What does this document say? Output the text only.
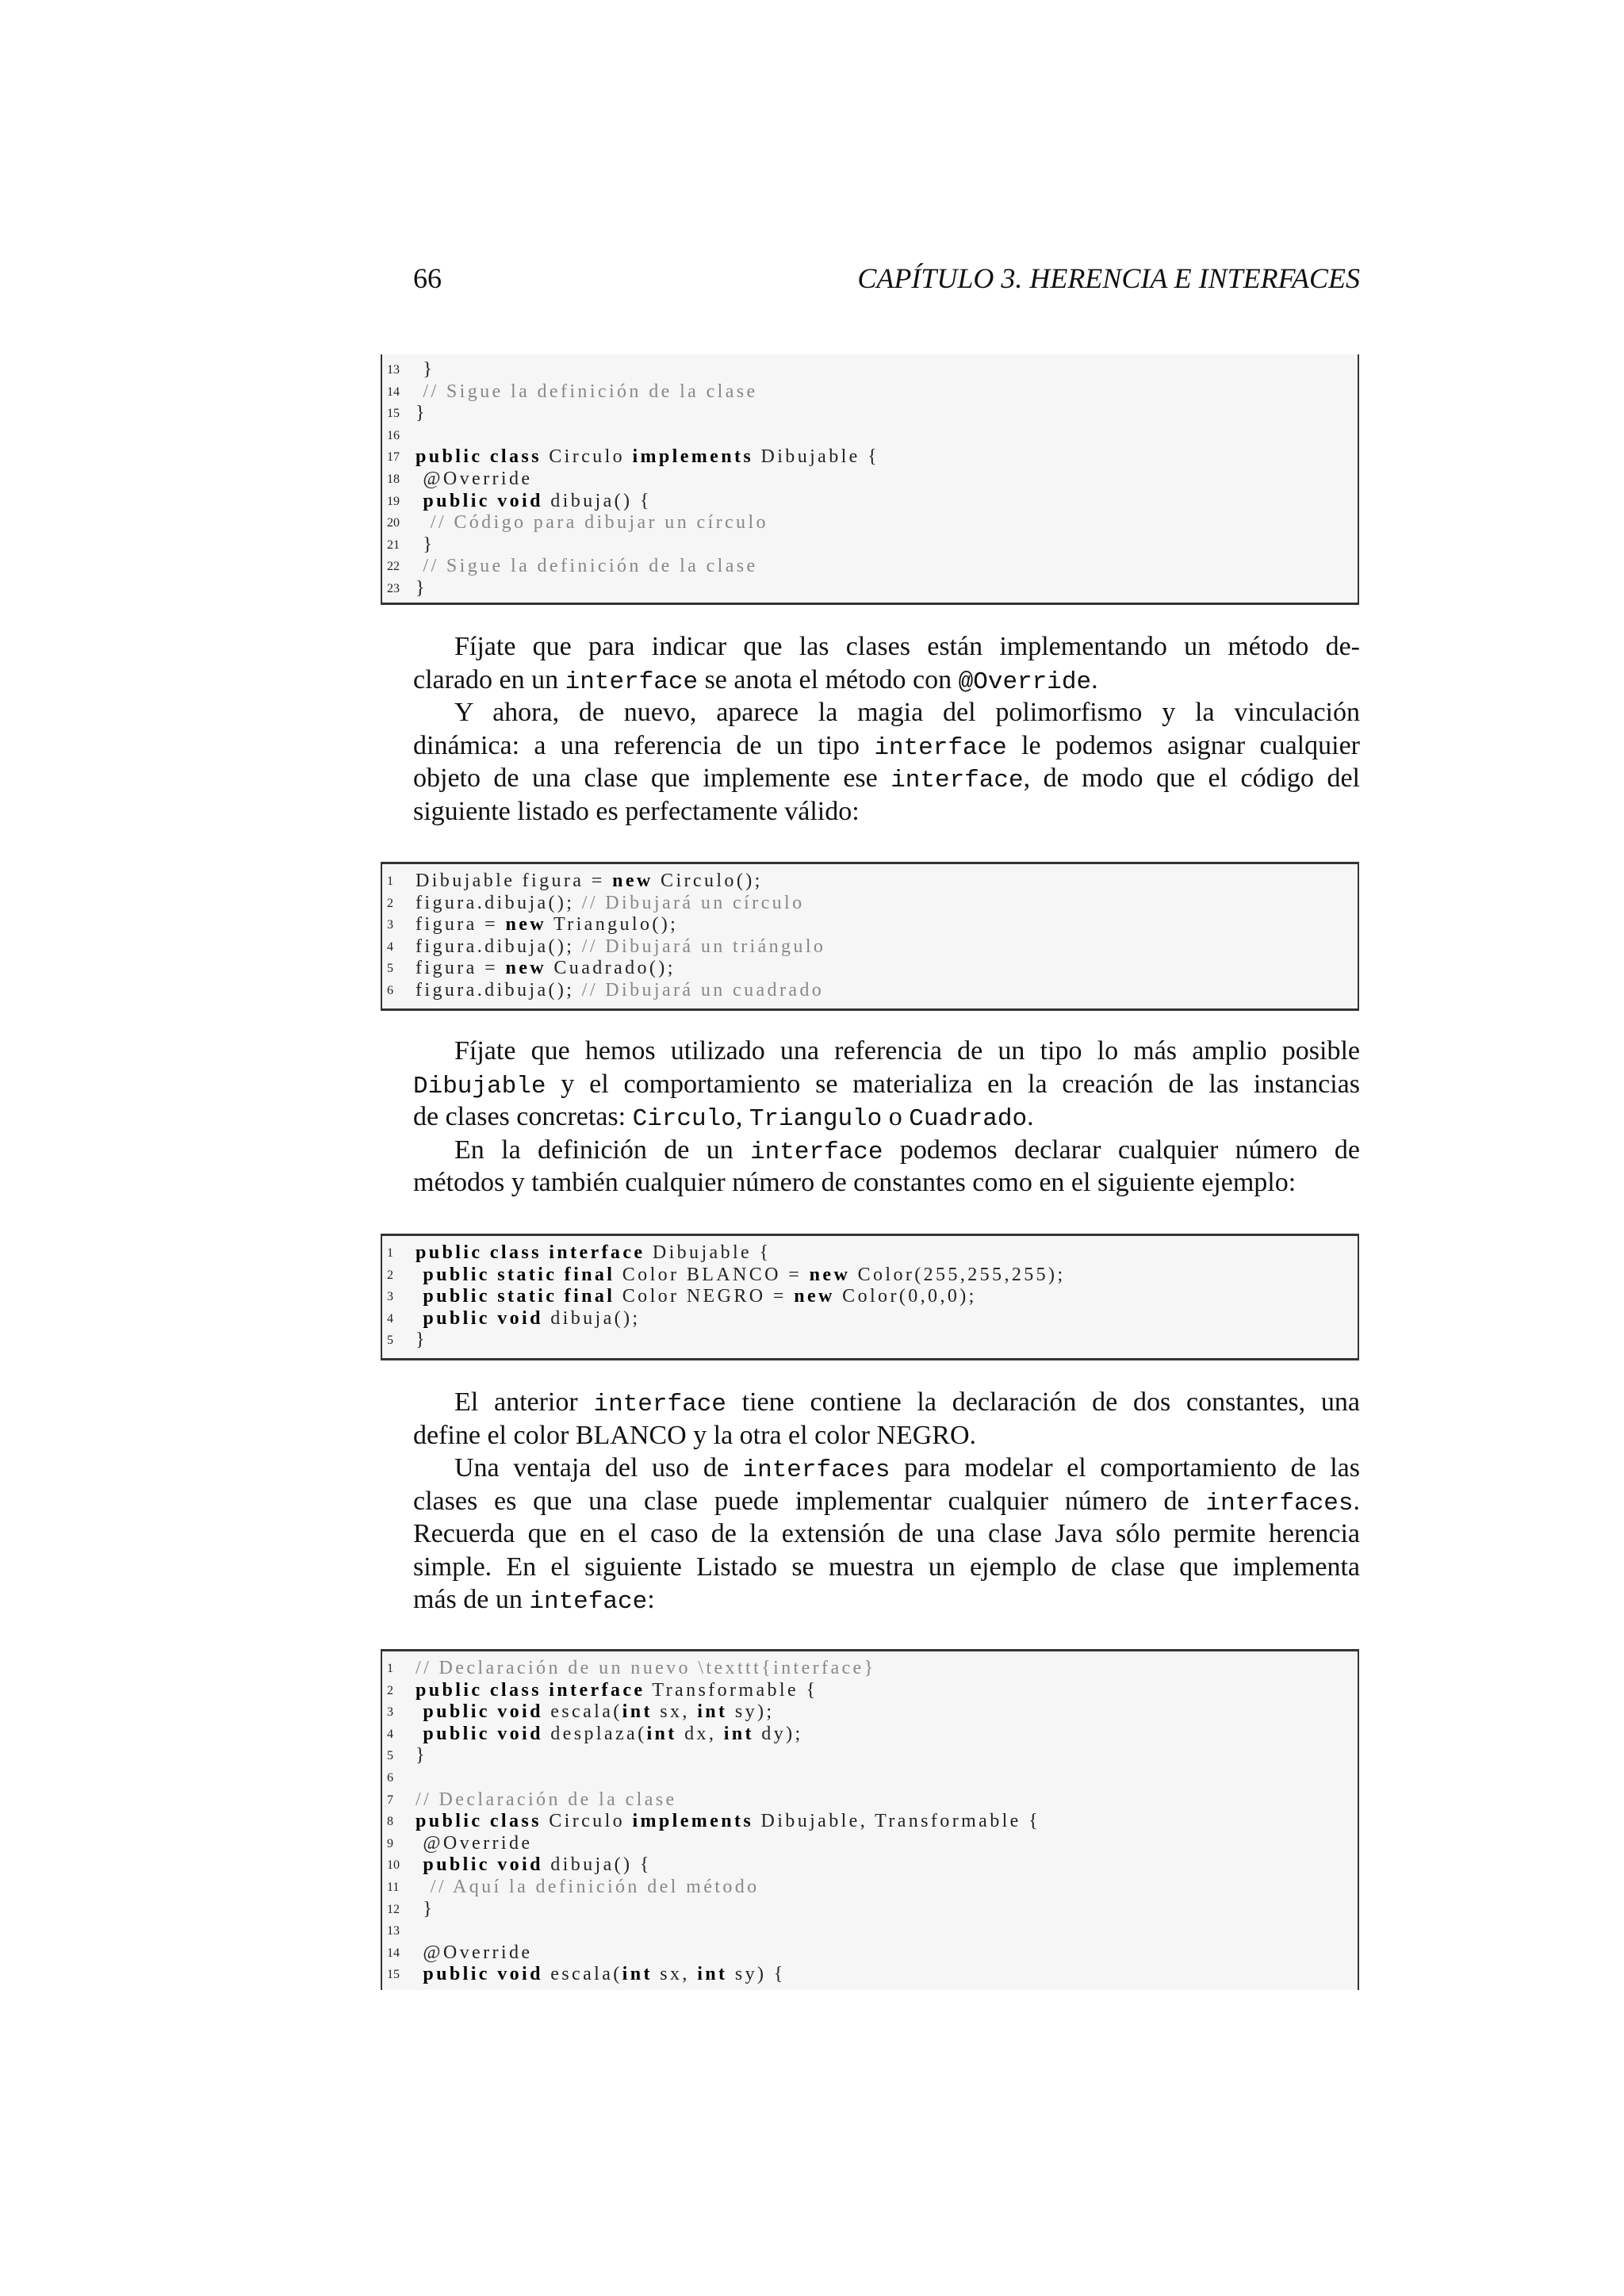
66	CAPÍTULO 3. HERENCIA E INTERFACES
13 }
14 // Sigue la definición de la clase
15 }
16
17 public class Circulo implements Dibujable {
18 @Override
19 public void dibuja() {
20 // Código para dibujar un círculo
21 }
22 // Sigue la definición de la clase
23 }
1	Dibujable figura = new Circulo();
2	figura.dibuja(); // Dibujará un círculo
3	figura = new Triangulo();
4	figura.dibuja(); // Dibujará un triángulo
5	figura = new Cuadrado();
6	figura.dibuja(); // Dibujará un cuadrado
1	public class interface Dibujable {
2	public static final Color BLANCO = new Color(255,255,255);
3	public static final Color NEGRO = new Color(0,0,0);
4	public void dibuja();
5	}
1	// Declaración de un nuevo \texttt{interface}
2	public class interface Transformable {
3	public void escala(int sx, int sy);
4	public void desplaza(int dx, int dy);
5	}
6
7	// Declaración de la clase
8	public class Circulo implements Dibujable, Transformable {
9	@Override
10 public void dibuja() {
11 // Aquí la definición del método
12 }
13
14 @Override
15 public void escala(int sx, int sy) {
Fíjate que para indicar que las clases están implementando un método de-
clarado en un interface se anota el método con @Override.
Y ahora, de nuevo, aparece la magia del polimorfismo y la vinculación
dinámica: a una referencia de un tipo interface le podemos asignar cualquier
objeto de una clase que implemente ese interface, de modo que el código del
siguiente listado es perfectamente válido:
Fíjate que hemos utilizado una referencia de un tipo lo más amplio posible
Dibujable y el comportamiento se materializa en la creación de las instancias
de clases concretas: Circulo, Triangulo o Cuadrado.
En la definición de un interface podemos declarar cualquier número de
métodos y también cualquier número de constantes como en el siguiente ejemplo:
El anterior interface tiene contiene la declaración de dos constantes, una
define el color BLANCO y la otra el color NEGRO.
Una ventaja del uso de interfaces para modelar el comportamiento de las
clases es que una clase puede implementar cualquier número de interfaces.
Recuerda que en el caso de la extensión de una clase Java sólo permite herencia
simple. En el siguiente Listado se muestra un ejemplo de clase que implementa
más de un inteface:
